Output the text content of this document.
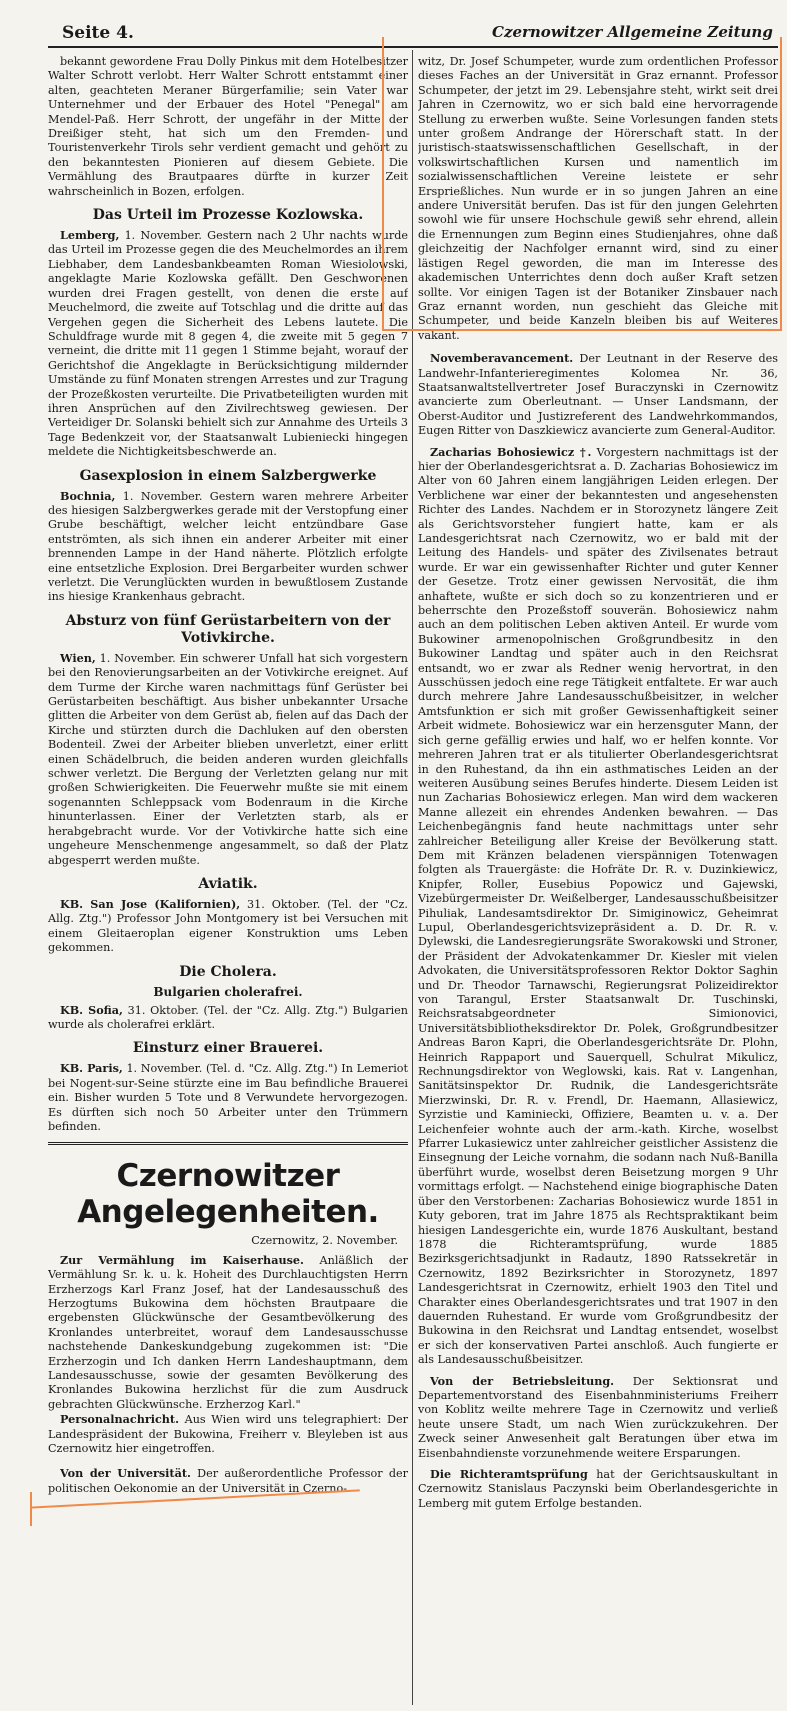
Seite 4.	Czernowitzer Allgemeine Zeitung

bekannt gewordene Frau Dolly Pinkus mit dem Hotelbesitzer Walter Schrott verlobt. Herr Walter Schrott entstammt einer alten, geachteten Meraner Bürgerfamilie; sein Vater war Unternehmer und der Erbauer des Hotel "Penegal" am Mendel-Paß. Herr Schrott, der ungefähr in der Mitte der Dreißiger steht, hat sich um den Fremden- und Touristenverkehr Tirols sehr verdient gemacht und gehört zu den bekanntesten Pionieren auf diesem Gebiete. Die Vermählung des Brautpaares dürfte in kurzer Zeit wahrscheinlich in Bozen, erfolgen.

Das Urteil im Prozesse Kozlowska.

Lemberg, 1. November. Gestern nach 2 Uhr nachts wurde das Urteil im Prozesse gegen die des Meuchelmordes an ihrem Liebhaber, dem Landesbankbeamten Roman Wiesiolowski, angeklagte Marie Kozlowska gefällt. Den Geschworenen wurden drei Fragen gestellt, von denen die erste auf Meuchelmord, die zweite auf Totschlag und die dritte auf das Vergehen gegen die Sicherheit des Lebens lautete. Die Schuldfrage wurde mit 8 gegen 4, die zweite mit 5 gegen 7 verneint, die dritte mit 11 gegen 1 Stimme bejaht, worauf der Gerichtshof die Angeklagte in Berücksichtigung mildernder Umstände zu fünf Monaten strengen Arrestes und zur Tragung der Prozeßkosten verurteilte. Die Privatbeteiligten wurden mit ihren Ansprüchen auf den Zivilrechtsweg gewiesen. Der Verteidiger Dr. Solanski behielt sich zur Annahme des Urteils 3 Tage Bedenkzeit vor, der Staatsanwalt Lubieniecki hingegen meldete die Nichtigkeitsbeschwerde an.

Gasexplosion in einem Salzbergwerke

Bochnia, 1. November. Gestern waren mehrere Arbeiter des hiesigen Salzbergwerkes gerade mit der Verstopfung einer Grube beschäftigt, welcher leicht entzündbare Gase entströmten, als sich ihnen ein anderer Arbeiter mit einer brennenden Lampe in der Hand näherte. Plötzlich erfolgte eine entsetzliche Explosion. Drei Bergarbeiter wurden schwer verletzt. Die Verunglückten wurden in bewußtlosem Zustande ins hiesige Krankenhaus gebracht.

Absturz von fünf Gerüstarbeitern von der Votivkirche.

Wien, 1. November. Ein schwerer Unfall hat sich vorgestern bei den Renovierungsarbeiten an der Votivkirche ereignet. Auf dem Turme der Kirche waren nachmittags fünf Gerüster bei Gerüstarbeiten beschäftigt. Aus bisher unbekannter Ursache glitten die Arbeiter von dem Gerüst ab, fielen auf das Dach der Kirche und stürzten durch die Dachluken auf den obersten Bodenteil. Zwei der Arbeiter blieben unverletzt, einer erlitt einen Schädelbruch, die beiden anderen wurden gleichfalls schwer verletzt. Die Bergung der Verletzten gelang nur mit großen Schwierigkeiten. Die Feuerwehr mußte sie mit einem sogenannten Schleppsack vom Bodenraum in die Kirche hinunterlassen. Einer der Verletzten starb, als er herabgebracht wurde. Vor der Votivkirche hatte sich eine ungeheure Menschenmenge angesammelt, so daß der Platz abgesperrt werden mußte.

Aviatik.

KB. San Jose (Kalifornien), 31. Oktober. (Tel. der "Cz. Allg. Ztg.") Professor John Montgomery ist bei Versuchen mit einem Gleitaeroplan eigener Konstruktion ums Leben gekommen.

Die Cholera.
Bulgarien cholerafrei.

KB. Sofia, 31. Oktober. (Tel. der "Cz. Allg. Ztg.") Bulgarien wurde als cholerafrei erklärt.

Einsturz einer Brauerei.

KB. Paris, 1. November. (Tel. d. "Cz. Allg. Ztg.") In Lemeriot bei Nogent-sur-Seine stürzte eine im Bau befindliche Brauerei ein. Bisher wurden 5 Tote und 8 Verwundete hervorgezogen. Es dürften sich noch 50 Arbeiter unter den Trümmern befinden.

Czernowitzer Angelegenheiten.
Czernowitz, 2. November.

Zur Vermählung im Kaiserhause. Anläßlich der Vermählung Sr. k. u. k. Hoheit des Durchlauchtigsten Herrn Erzherzogs Karl Franz Josef, hat der Landesausschuß des Herzogtums Bukowina dem höchsten Brautpaare die ergebensten Glückwünsche der Gesamtbevölkerung des Kronlandes unterbreitet, worauf dem Landesausschusse nachstehende Dankeskundgebung zugekommen ist: "Die Erzherzogin und Ich danken Herrn Landeshauptmann, dem Landesausschusse, sowie der gesamten Bevölkerung des Kronlandes Bukowina herzlichst für die zum Ausdruck gebrachten Glückwünsche. Erzherzog Karl."

Personalnachricht. Aus Wien wird uns telegraphiert: Der Landespräsident der Bukowina, Freiherr v. Bleyleben ist aus Czernowitz hier eingetroffen.

Von der Universität. Der außerordentliche Professor der politischen Oekonomie an der Universität in Czerno-

witz, Dr. Josef Schumpeter, wurde zum ordentlichen Professor dieses Faches an der Universität in Graz ernannt. Professor Schumpeter, der jetzt im 29. Lebensjahre steht, wirkt seit drei Jahren in Czernowitz, wo er sich bald eine hervorragende Stellung zu erwerben wußte. Seine Vorlesungen fanden stets unter großem Andrange der Hörerschaft statt. In der juristisch-staatswissenschaftlichen Gesellschaft, in der volkswirtschaftlichen Kursen und namentlich im sozialwissenschaftlichen Vereine leistete er sehr Ersprießliches. Nun wurde er in so jungen Jahren an eine andere Universität berufen. Das ist für den jungen Gelehrten sowohl wie für unsere Hochschule gewiß sehr ehrend, allein die Ernennungen zum Beginn eines Studienjahres, ohne daß gleichzeitig der Nachfolger ernannt wird, sind zu einer lästigen Regel geworden, die man im Interesse des akademischen Unterrichtes denn doch außer Kraft setzen sollte. Vor einigen Tagen ist der Botaniker Zinsbauer nach Graz ernannt worden, nun geschieht das Gleiche mit Schumpeter, und beide Kanzeln bleiben bis auf Weiteres vakant.

Novemberavancement. Der Leutnant in der Reserve des Landwehr-Infanterieregimentes Kolomea Nr. 36, Staatsanwaltstellvertreter Josef Buraczynski in Czernowitz avancierte zum Oberleutnant. — Unser Landsmann, der Oberst-Auditor und Justizreferent des Landwehrkommandos, Eugen Ritter von Daszkiewicz avancierte zum General-Auditor.

Zacharias Bohosiewicz †. Vorgestern nachmittags ist der hier der Oberlandesgerichtsrat a. D. Zacharias Bohosiewicz im Alter von 60 Jahren einem langjährigen Leiden erlegen. Der Verblichene war einer der bekanntesten und angesehensten Richter des Landes. Nachdem er in Storozynetz längere Zeit als Gerichtsvorsteher fungiert hatte, kam er als Landesgerichtsrat nach Czernowitz, wo er bald mit der Leitung des Handels- und später des Zivilsenates betraut wurde. Er war ein gewissenhafter Richter und guter Kenner der Gesetze. Trotz einer gewissen Nervosität, die ihm anhaftete, wußte er sich doch so zu konzentrieren und er beherrschte den Prozeßstoff souverän. Bohosiewicz nahm auch an dem politischen Leben aktiven Anteil. Er wurde vom Bukowiner armenopolnischen Großgrundbesitz in den Bukowiner Landtag und später auch in den Reichsrat entsandt, wo er zwar als Redner wenig hervortrat, in den Ausschüssen jedoch eine rege Tätigkeit entfaltete. Er war auch durch mehrere Jahre Landesausschußbeisitzer, in welcher Amtsfunktion er sich mit großer Gewissenhaftigkeit seiner Arbeit widmete. Bohosiewicz war ein herzensguter Mann, der sich gerne gefällig erwies und half, wo er helfen konnte. Vor mehreren Jahren trat er als titulierter Oberlandesgerichtsrat in den Ruhestand, da ihn ein asthmatisches Leiden an der weiteren Ausübung seines Berufes hinderte. Diesem Leiden ist nun Zacharias Bohosiewicz erlegen. Man wird dem wackeren Manne allezeit ein ehrendes Andenken bewahren. — Das Leichenbegängnis fand heute nachmittags unter sehr zahlreicher Beteiligung aller Kreise der Bevölkerung statt. Dem mit Kränzen beladenen vierspännigen Totenwagen folgten als Trauergäste: die Hofräte Dr. R. v. Duzinkiewicz, Knipfer, Roller, Eusebius Popowicz und Gajewski, Vizebürgermeister Dr. Weißelberger, Landesausschußbeisitzer Pihuliak, Landesamtsdirektor Dr. Simiginowicz, Geheimrat Lupul, Oberlandesgerichtsvizepräsident a. D. Dr. R. v. Dylewski, die Landesregierungsräte Sworakowski und Stroner, der Präsident der Advokatenkammer Dr. Kiesler mit vielen Advokaten, die Universitätsprofessoren Rektor Doktor Saghin und Dr. Theodor Tarnawschi, Regierungsrat Polizeidirektor von Tarangul, Erster Staatsanwalt Dr. Tuschinski, Reichsratsabgeordneter Simionovici, Universitätsbibliotheksdirektor Dr. Polek, Großgrundbesitzer Andreas Baron Kapri, die Oberlandesgerichtsräte Dr. Plohn, Heinrich Rappaport und Sauerquell, Schulrat Mikulicz, Rechnungsdirektor von Weglowski, kais. Rat v. Langenhan, Sanitätsinspektor Dr. Rudnik, die Landesgerichtsräte Mierzwinski, Dr. R. v. Frendl, Dr. Haemann, Allasiewicz, Syrzistie und Kaminiecki, Offiziere, Beamten u. v. a. Der Leichenfeier wohnte auch der arm.-kath. Kirche, woselbst Pfarrer Lukasiewicz unter zahlreicher geistlicher Assistenz die Einsegnung der Leiche vornahm, die sodann nach Nuß-Banilla überführt wurde, woselbst deren Beisetzung morgen 9 Uhr vormittags erfolgt. — Nachstehend einige biographische Daten über den Verstorbenen: Zacharias Bohosiewicz wurde 1851 in Kuty geboren, trat im Jahre 1875 als Rechtspraktikant beim hiesigen Landesgerichte ein, wurde 1876 Auskultant, bestand 1878 die Richteramtsprüfung, wurde 1885 Bezirksgerichtsadjunkt in Radautz, 1890 Ratssekretär in Czernowitz, 1892 Bezirksrichter in Storozynetz, 1897 Landesgerichtsrat in Czernowitz, erhielt 1903 den Titel und Charakter eines Oberlandesgerichtsrates und trat 1907 in den dauernden Ruhestand. Er wurde vom Großgrundbesitz der Bukowina in den Reichsrat und Landtag entsendet, woselbst er sich der konservativen Partei anschloß. Auch fungierte er als Landesausschußbeisitzer.

Von der Betriebsleitung. Der Sektionsrat und Departementvorstand des Eisenbahnministeriums Freiherr von Koblitz weilte mehrere Tage in Czernowitz und verließ heute unsere Stadt, um nach Wien zurückzukehren. Der Zweck seiner Anwesenheit galt Beratungen über etwa im Eisenbahndienste vorzunehmende weitere Ersparungen.

Die Richteramtsprüfung hat der Gerichtsauskultant in Czernowitz Stanislaus Paczynski beim Oberlandesgerichte in Lemberg mit gutem Erfolge bestanden.
